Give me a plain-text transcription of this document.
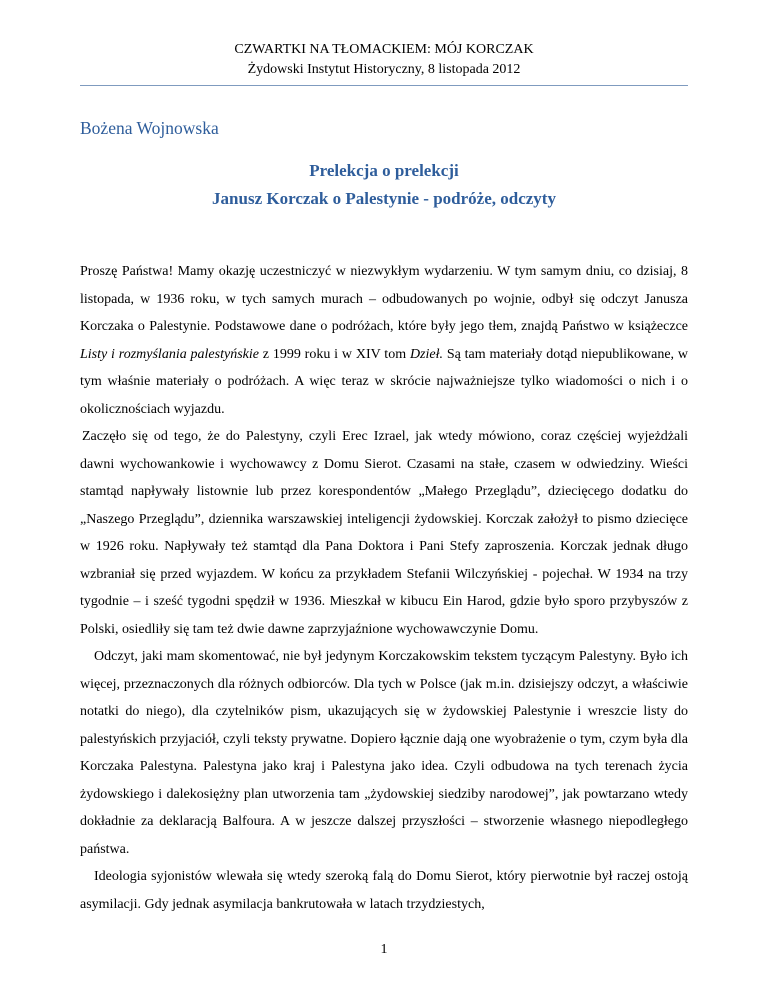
CZWARTKI NA TŁOMACKIEM: MÓJ KORCZAK
Żydowski Instytut Historyczny, 8 listopada 2012
Bożena Wojnowska
Prelekcja o prelekcji
Janusz Korczak o Palestynie - podróże, odczyty

Proszę Państwa! Mamy okazję uczestniczyć w niezwykłym wydarzeniu. W tym samym dniu, co dzisiaj, 8 listopada, w 1936 roku, w tych samych murach – odbudowanych po wojnie, odbył się odczyt Janusza Korczaka o Palestynie. Podstawowe dane o podróżach, które były jego tłem, znajdą Państwo w książeczce Listy i rozmyślania palestyńskie z 1999 roku i w XIV tom Dzieł. Są tam materiały dotąd niepublikowane, w tym właśnie materiały o podróżach. A więc teraz w skrócie najważniejsze tylko wiadomości o nich i o okolicznościach wyjazdu.

Zaczęło się od tego, że do Palestyny, czyli Erec Izrael, jak wtedy mówiono, coraz częściej wyjeżdżali dawni wychowankowie i wychowawcy z Domu Sierot. Czasami na stałe, czasem w odwiedziny. Wieści stamtąd napływały listownie lub przez korespondentów „Małego Przeglądu”, dziecięcego dodatku do „Naszego Przeglądu”, dziennika warszawskiej inteligencji żydowskiej. Korczak założył to pismo dziecięce w 1926 roku. Napływały też stamtąd dla Pana Doktora i Pani Stefy zaproszenia. Korczak jednak długo wzbraniał się przed wyjazdem. W końcu za przykładem Stefanii Wilczyńskiej - pojechał. W 1934 na trzy tygodnie – i sześć tygodni spędził w 1936. Mieszkał w kibucu Ein Harod, gdzie było sporo przybyszów z Polski, osiedliły się tam też dwie dawne zaprzyjaźnione wychowawczynie Domu.

Odczyt, jaki mam skomentować, nie był jedynym Korczakowskim tekstem tyczącym Palestyny. Było ich więcej, przeznaczonych dla różnych odbiorców. Dla tych w Polsce (jak m.in. dzisiejszy odczyt, a właściwie notatki do niego), dla czytelników pism, ukazujących się w żydowskiej Palestynie i wreszcie listy do palestyńskich przyjaciół, czyli teksty prywatne. Dopiero łącznie dają one wyobrażenie o tym, czym była dla Korczaka Palestyna. Palestyna jako kraj i Palestyna jako idea. Czyli odbudowa na tych terenach życia żydowskiego i dalekosiężny plan utworzenia tam „żydowskiej siedziby narodowej”, jak powtarzano wtedy dokładnie za deklaracją Balfoura. A w jeszcze dalszej przyszłości – stworzenie własnego niepodległego państwa.

Ideologia syjonistów wlewała się wtedy szeroką falą do Domu Sierot, który pierwotnie był raczej ostoją asymilacji. Gdy jednak asymilacja bankrutowała w latach trzydziestych,

1
